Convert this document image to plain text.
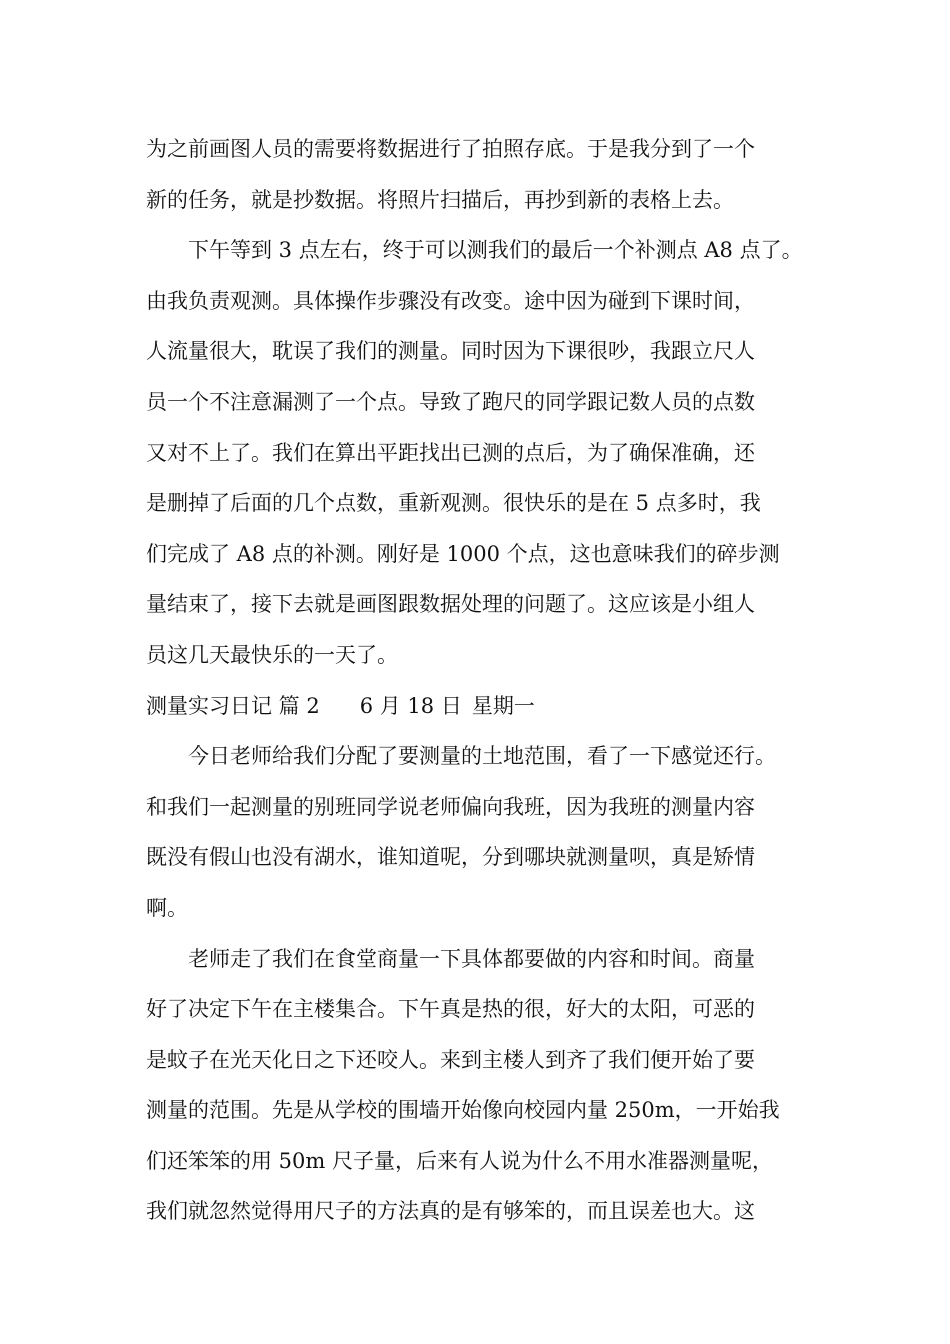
为之前画图人员的需要将数据进行了拍照存底。于是我分到了一个
新的任务，就是抄数据。将照片扫描后，再抄到新的表格上去。
下午等到 3 点左右，终于可以测我们的最后一个补测点 A8 点了。
由我负责观测。具体操作步骤没有改变。途中因为碰到下课时间，
人流量很大，耽误了我们的测量。同时因为下课很吵，我跟立尺人
员一个不注意漏测了一个点。导致了跑尺的同学跟记数人员的点数
又对不上了。我们在算出平距找出已测的点后，为了确保准确，还
是删掉了后面的几个点数，重新观测。很快乐的是在 5 点多时，我
们完成了 A8 点的补测。刚好是 1000 个点，这也意味我们的碎步测
量结束了，接下去就是画图跟数据处理的问题了。这应该是小组人
员这几天最快乐的一天了。
测量实习日记 篇 2 6 月 18 日 星期一
今日老师给我们分配了要测量的土地范围，看了一下感觉还行。
和我们一起测量的别班同学说老师偏向我班，因为我班的测量内容
既没有假山也没有湖水，谁知道呢，分到哪块就测量呗，真是矫情
啊。
老师走了我们在食堂商量一下具体都要做的内容和时间。商量
好了决定下午在主楼集合。下午真是热的很，好大的太阳，可恶的
是蚊子在光天化日之下还咬人。来到主楼人到齐了我们便开始了要
测量的范围。先是从学校的围墙开始像向校园内量 250m，一开始我
们还笨笨的用 50m 尺子量，后来有人说为什么不用水准器测量呢，
我们就忽然觉得用尺子的方法真的是有够笨的，而且误差也大。这
